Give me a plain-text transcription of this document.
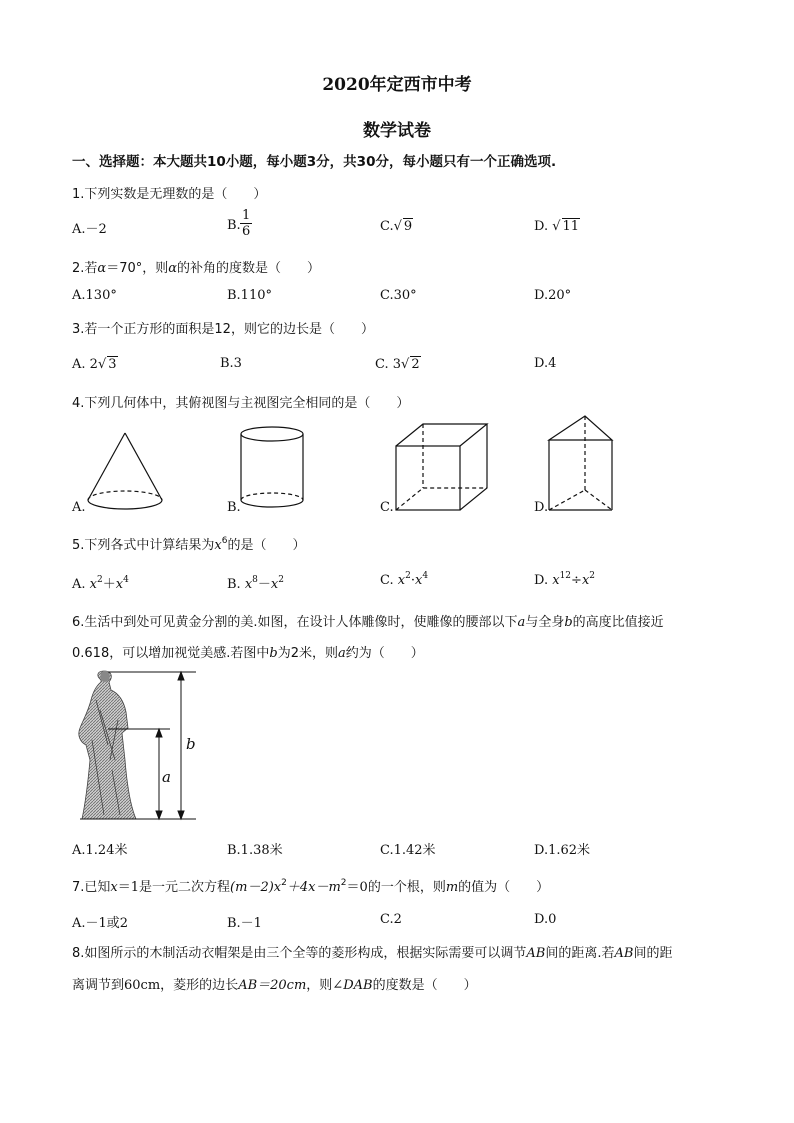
2020年定西市中考
数学试卷
一、选择题：本大题共10小题，每小题3分，共30分，每小题只有一个正确选项.
1.下列实数是无理数的是（　　）
A.－2	B. $\frac{1}{6}$	C.√ 9	D. √ 11
2.若α＝70°，则α的补角的度数是（　　）
A.130°	B.110°	C.30°	D.20°
3.若一个正方形的面积是12，则它的边长是（　　）
A. 2√ 3	B.3	C. 3√ 2	D.4
4.下列几何体中，其俯视图与主视图完全相同的是（　　）
A.	B.	C.	D.
5.下列各式中计算结果为$x^6$的是（　　）
A. $x^2+x^4$	B. $x^8-x^2$	C. $x^2\cdot x^4$	D. $x^{12}\div x^2$
6.生活中到处可见黄金分割的美.如图，在设计人体雕像时，使雕像的腰部以下a与全身b的高度比值接近
0.618，可以增加视觉美感.若图中b为2米，则a约为（　　）
b
a
A.1.24米	B.1.38米	C.1.42米	D.1.62米
7.已知x＝1是一元二次方程$(m-2)x^2+4x-m^2=0$的一个根，则m的值为（　　）
A.－1或2	B.－1	C.2	D.0
8.如图所示的木制活动衣帽架是由三个全等的菱形构成，根据实际需要可以调节AB间的距离.若AB间的距
离调节到60cm，菱形的边长AB＝20cm，则∠DAB的度数是（　　）
